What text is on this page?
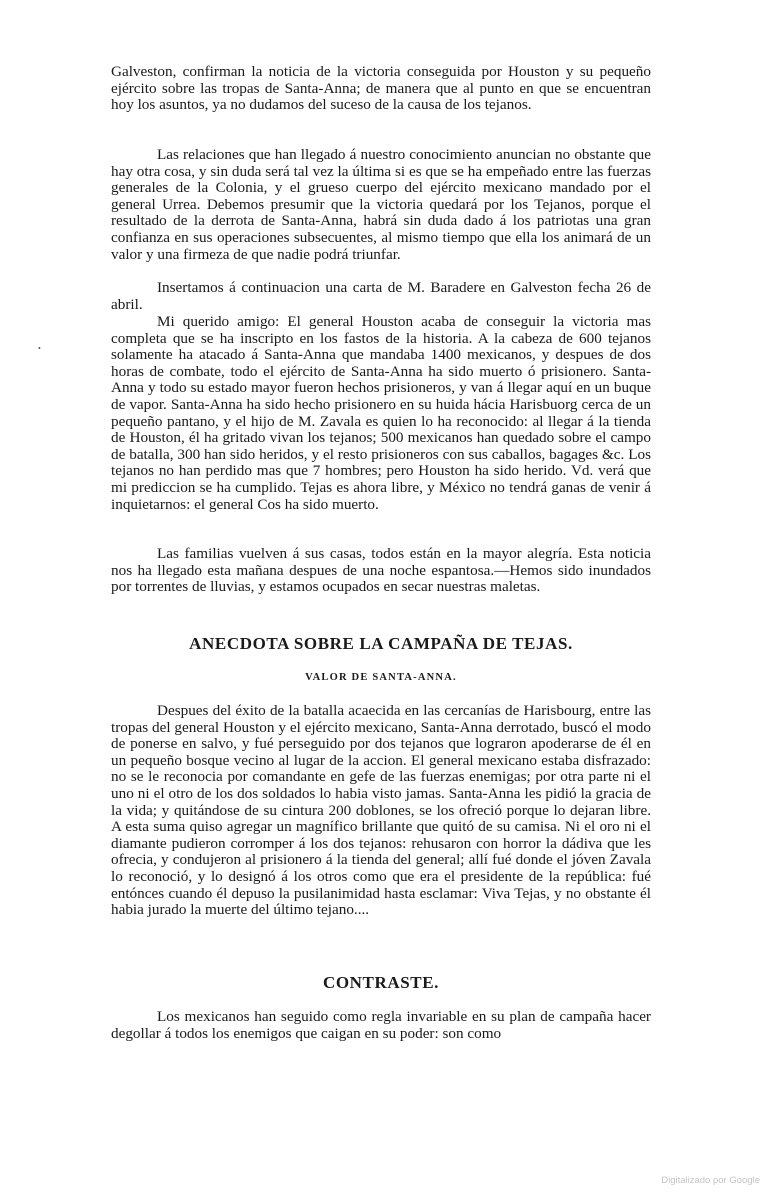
Galveston, confirman la noticia de la victoria conseguida por Houston y su pequeño ejército sobre las tropas de Santa-Anna; de manera que al punto en que se encuentran hoy los asuntos, ya no dudamos del suceso de la causa de los tejanos.

Las relaciones que han llegado á nuestro conocimiento anuncian no obstante que hay otra cosa, y sin duda será tal vez la última si es que se ha empeñado entre las fuerzas generales de la Colonia, y el grueso cuerpo del ejército mexicano mandado por el general Urrea. Debemos presumir que la victoria quedará por los Tejanos, porque el resultado de la derrota de Santa-Anna, habrá sin duda dado á los patriotas una gran confianza en sus operaciones subsecuentes, al mismo tiempo que ella los animará de un valor y una firmeza de que nadie podrá triunfar.

Insertamos á continuacion una carta de M. Baradere en Galveston fecha 26 de abril.

Mi querido amigo: El general Houston acaba de conseguir la victoria mas completa que se ha inscripto en los fastos de la historia. A la cabeza de 600 tejanos solamente ha atacado á Santa-Anna que mandaba 1400 mexicanos, y despues de dos horas de combate, todo el ejército de Santa-Anna ha sido muerto ó prisionero. Santa-Anna y todo su estado mayor fueron hechos prisioneros, y van á llegar aquí en un buque de vapor. Santa-Anna ha sido hecho prisionero en su huida hácia Harisbuorg cerca de un pequeño pantano, y el hijo de M. Zavala es quien lo ha reconocido: al llegar á la tienda de Houston, él ha gritado vivan los tejanos; 500 mexicanos han quedado sobre el campo de batalla, 300 han sido heridos, y el resto prisioneros con sus caballos, bagages &c. Los tejanos no han perdido mas que 7 hombres; pero Houston ha sido herido. Vd. verá que mi prediccion se ha cumplido. Tejas es ahora libre, y México no tendrá ganas de venir á inquietarnos: el general Cos ha sido muerto.

Las familias vuelven á sus casas, todos están en la mayor alegría. Esta noticia nos ha llegado esta mañana despues de una noche espantosa.—Hemos sido inundados por torrentes de lluvias, y estamos ocupados en secar nuestras maletas.

ANECDOTA SOBRE LA CAMPAÑA DE TEJAS.
VALOR DE SANTA-ANNA.

Despues del éxito de la batalla acaecida en las cercanías de Harisbourg, entre las tropas del general Houston y el ejército mexicano, Santa-Anna derrotado, buscó el modo de ponerse en salvo, y fué perseguido por dos tejanos que lograron apoderarse de él en un pequeño bosque vecino al lugar de la accion. El general mexicano estaba disfrazado: no se le reconocia por comandante en gefe de las fuerzas enemigas; por otra parte ni el uno ni el otro de los dos soldados lo habia visto jamas. Santa-Anna les pidió la gracia de la vida; y quitándose de su cintura 200 doblones, se los ofreció porque lo dejaran libre. A esta suma quiso agregar un magnífico brillante que quitó de su camisa. Ni el oro ni el diamante pudieron corromper á los dos tejanos: rehusaron con horror la dádiva que les ofrecia, y condujeron al prisionero á la tienda del general; allí fué donde el jóven Zavala lo reconoció, y lo designó á los otros como que era el presidente de la república: fué entónces cuando él depuso la pusilanimidad hasta esclamar: Viva Tejas, y no obstante él habia jurado la muerte del último tejano....

CONTRASTE.

Los mexicanos han seguido como regla invariable en su plan de campaña hacer degollar á todos los enemigos que caigan en su poder: son como

•
Digitalizado por Google
